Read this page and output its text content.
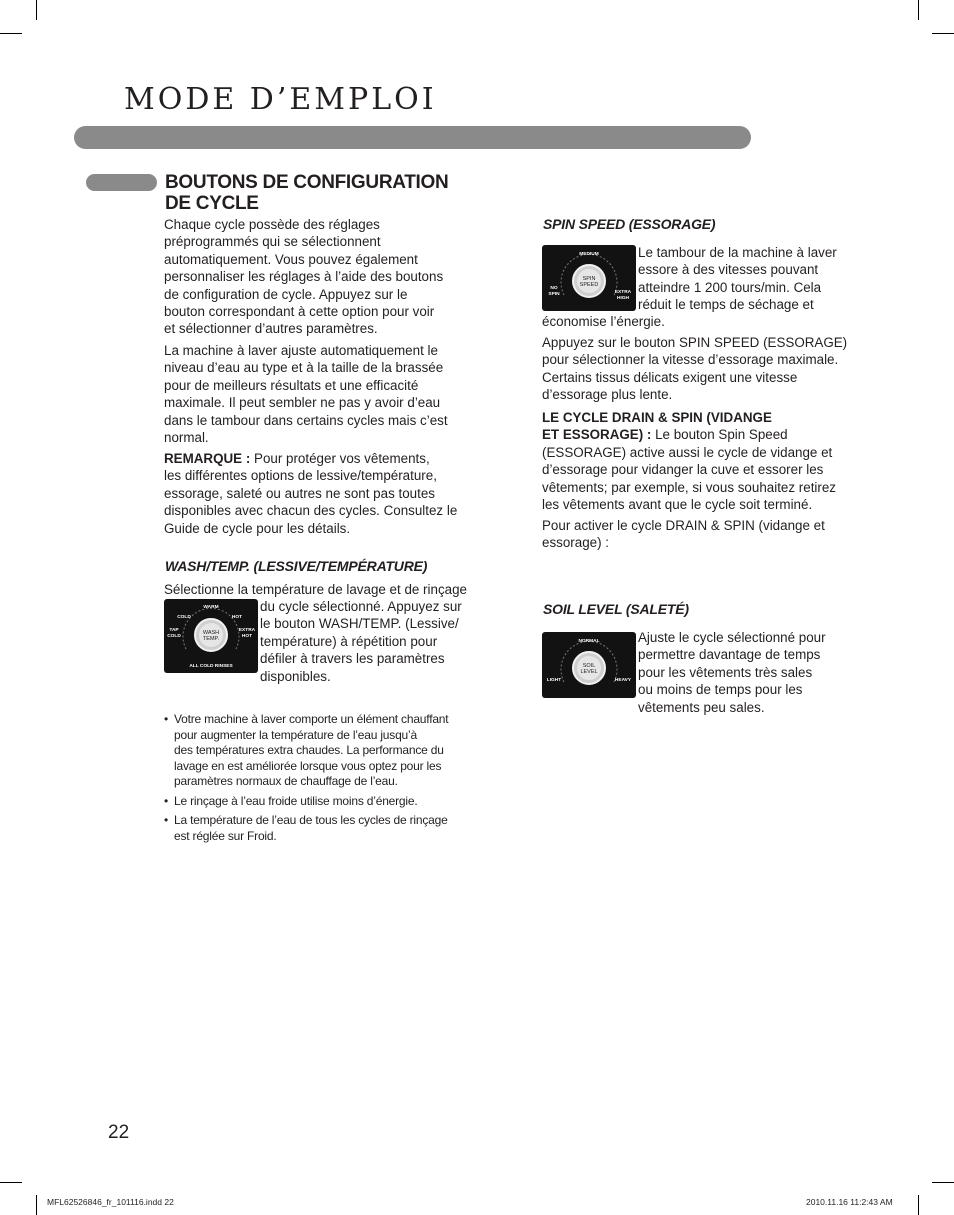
MODE D’EMPLOI
BOUTONS DE CONFIGURATION
DE CYCLE
Chaque cycle possède des réglages
préprogrammés qui se sélectionnent
automatiquement. Vous pouvez également
personnaliser les réglages à l’aide des boutons
de configuration de cycle. Appuyez sur le
bouton correspondant à cette option pour voir
et sélectionner d’autres paramètres.
La machine à laver ajuste automatiquement le
niveau d’eau au type et à la taille de la brassée
pour de meilleurs résultats et une efficacité
maximale. Il peut sembler ne pas y avoir d’eau
dans le tambour dans certains cycles mais c’est
normal.
REMARQUE : Pour protéger vos vêtements,
les différentes options de lessive/température,
essorage, saleté ou autres ne sont pas toutes
disponibles avec chacun des cycles. Consultez le
Guide de cycle pour les détails.
WASH/TEMP. (LESSIVE/TEMPÉRATURE)
Sélectionne la température de lavage et de rinçage
WASH
TEMP.
WARM
COLD	HOT
TAP
COLD
EXTRA
HOT
ALL COLD RINSES
du cycle sélectionné. Appuyez sur
le bouton WASH/TEMP. (Lessive/
température) à répétition pour
défiler à travers les paramètres
disponibles.
• Votre machine à laver comporte un élément chauffant
pour augmenter la température de l’eau jusqu’à
des températures extra chaudes. La performance du
lavage en est améliorée lorsque vous optez pour les
paramètres normaux de chauffage de l’eau.
• Le rinçage à l’eau froide utilise moins d’énergie.
• La température de l’eau de tous les cycles de rinçage
est réglée sur Froid.
SPIN SPEED (ESSORAGE)
SPIN
SPEED
MEDIUM
NO
SPIN	EXTRA
HIGH
Le tambour de la machine à laver
essore à des vitesses pouvant
atteindre 1 200 tours/min. Cela
réduit le temps de séchage et
économise l’énergie.
Appuyez sur le bouton SPIN SPEED (ESSORAGE)
pour sélectionner la vitesse d’essorage maximale.
Certains tissus délicats exigent une vitesse
d’essorage plus lente.
LE CYCLE DRAIN & SPIN (VIDANGE
ET ESSORAGE) : Le bouton Spin Speed
(ESSORAGE) active aussi le cycle de vidange et
d’essorage pour vidanger la cuve et essorer les
vêtements; par exemple, si vous souhaitez retirez
les vêtements avant que le cycle soit terminé.
Pour activer le cycle DRAIN & SPIN (vidange et
essorage) :
SOIL LEVEL (SALETÉ)
SOIL
LEVEL
NORMAL
LIGHT	HEAVY
Ajuste le cycle sélectionné pour
permettre davantage de temps
pour les vêtements très sales
ou moins de temps pour les
vêtements peu sales.
22
MFL62526846_fr_101116.indd 22	2010.11.16 11:2:43 AM
